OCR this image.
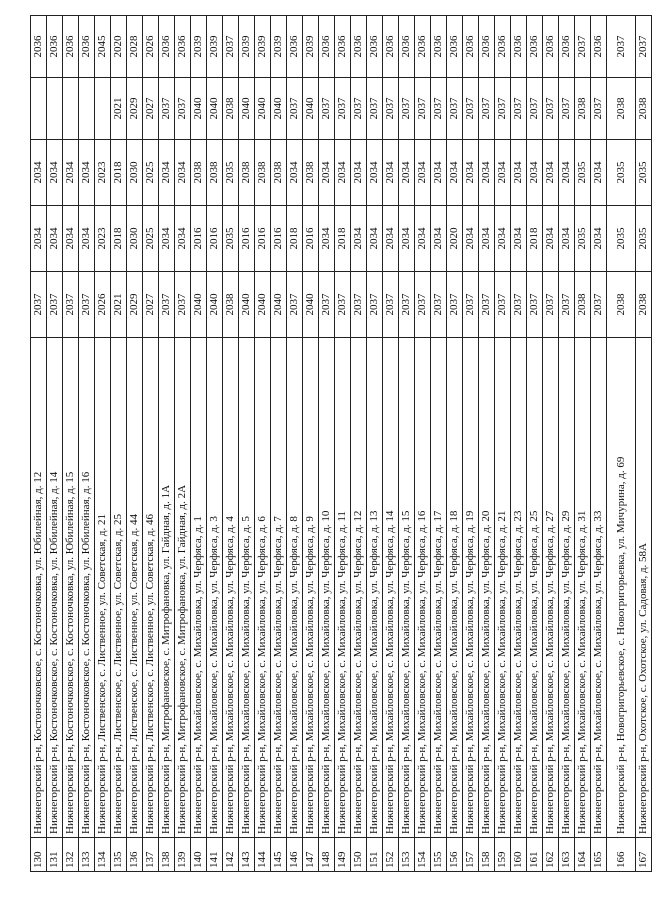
130	Нижнегорский р-н, Костоночковское, с. Костоночковка, ул. Юбилейная, д. 12	2037	2034	2034		2036
131	Нижнегорский р-н, Костоночковское, с. Костоночковка, ул. Юбилейная, д. 14	2037	2034	2034		2036
132	Нижнегорский р-н, Костоночковское, с. Костоночковка, ул. Юбилейная, д. 15	2037	2034	2034		2036
133	Нижнегорский р-н, Костоночковское, с. Костоночковка, ул. Юбилейная, д. 16	2037	2034	2034		2036
134	Нижнегорский р-н, Лиственское, с. Лиственное, ул. Советская, д. 21	2026	2023	2023		2045
135	Нижнегорский р-н, Лиственское, с. Лиственное, ул. Советская, д. 25	2021	2018	2018	2021	2020
136	Нижнегорский р-н, Лиственское, с. Лиственное, ул. Советская, д. 44	2029	2030	2030	2029	2028
137	Нижнегорский р-н, Лиственское, с. Лиственное, ул. Советская, д. 46	2027	2025	2025	2027	2026
138	Нижнегорский р-н, Митрофановское, с. Митрофановка, ул. Гайдная, д. 1А	2037	2034	2034	2037	2036
139	Нижнегорский р-н, Митрофановское, с. Митрофановка, ул. Гайдная, д. 2А	2037	2034	2034	2037	2036
140	Нижнегорский р-н, Михайловское, с. Михайловка, ул. Черфяса, д. 1	2040	2016	2038	2040	2039
141	Нижнегорский р-н, Михайловское, с. Михайловка, ул. Черфяса, д. 3	2040	2016	2038	2040	2039
142	Нижнегорский р-н, Михайловское, с. Михайловка, ул. Черфяса, д. 4	2038	2035	2035	2038	2037
143	Нижнегорский р-н, Михайловское, с. Михайловка, ул. Черфяса, д. 5	2040	2016	2038	2040	2039
144	Нижнегорский р-н, Михайловское, с. Михайловка, ул. Черфяса, д. 6	2040	2016	2038	2040	2039
145	Нижнегорский р-н, Михайловское, с. Михайловка, ул. Черфяса, д. 7	2040	2016	2038	2040	2039
146	Нижнегорский р-н, Михайловское, с. Михайловка, ул. Черфяса, д. 8	2037	2018	2034	2037	2036
147	Нижнегорский р-н, Михайловское, с. Михайловка, ул. Черфяса, д. 9	2040	2016	2038	2040	2039
148	Нижнегорский р-н, Михайловское, с. Михайловка, ул. Черфяса, д. 10	2037	2034	2034	2037	2036
149	Нижнегорский р-н, Михайловское, с. Михайловка, ул. Черфяса, д. 11	2037	2018	2034	2037	2036
150	Нижнегорский р-н, Михайловское, с. Михайловка, ул. Черфяса, д. 12	2037	2034	2034	2037	2036
151	Нижнегорский р-н, Михайловское, с. Михайловка, ул. Черфяса, д. 13	2037	2034	2034	2037	2036
152	Нижнегорский р-н, Михайловское, с. Михайловка, ул. Черфяса, д. 14	2037	2034	2034	2037	2036
153	Нижнегорский р-н, Михайловское, с. Михайловка, ул. Черфяса, д. 15	2037	2034	2034	2037	2036
154	Нижнегорский р-н, Михайловское, с. Михайловка, ул. Черфяса, д. 16	2037	2034	2034	2037	2036
155	Нижнегорский р-н, Михайловское, с. Михайловка, ул. Черфяса, д. 17	2037	2034	2034	2037	2036
156	Нижнегорский р-н, Михайловское, с. Михайловка, ул. Черфяса, д. 18	2037	2020	2034	2037	2036
157	Нижнегорский р-н, Михайловское, с. Михайловка, ул. Черфяса, д. 19	2037	2034	2034	2037	2036
158	Нижнегорский р-н, Михайловское, с. Михайловка, ул. Черфяса, д. 20	2037	2034	2034	2037	2036
159	Нижнегорский р-н, Михайловское, с. Михайловка, ул. Черфяса, д. 21	2037	2034	2034	2037	2036
160	Нижнегорский р-н, Михайловское, с. Михайловка, ул. Черфяса, д. 23	2037	2034	2034	2037	2036
161	Нижнегорский р-н, Михайловское, с. Михайловка, ул. Черфяса, д. 25	2037	2018	2034	2037	2036
162	Нижнегорский р-н, Михайловское, с. Михайловка, ул. Черфяса, д. 27	2037	2034	2034	2037	2036
163	Нижнегорский р-н, Михайловское, с. Михайловка, ул. Черфяса, д. 29	2037	2034	2034	2037	2036
164	Нижнегорский р-н, Михайловское, с. Михайловка, ул. Черфяса, д. 31	2038	2035	2035	2038	2037
165	Нижнегорский р-н, Михайловское, с. Михайловка, ул. Черфяса, д. 33	2037	2034	2034	2037	2036
166	Нижнегорский р-н, Новогригорьевское, с. Новогригорьевка, ул. Мичурина, д. 69	2038	2035	2035	2038	2037
167	Нижнегорский р-н, Охотское, с. Охотское, ул. Садовая, д. 58А	2038	2035	2035	2038	2037
